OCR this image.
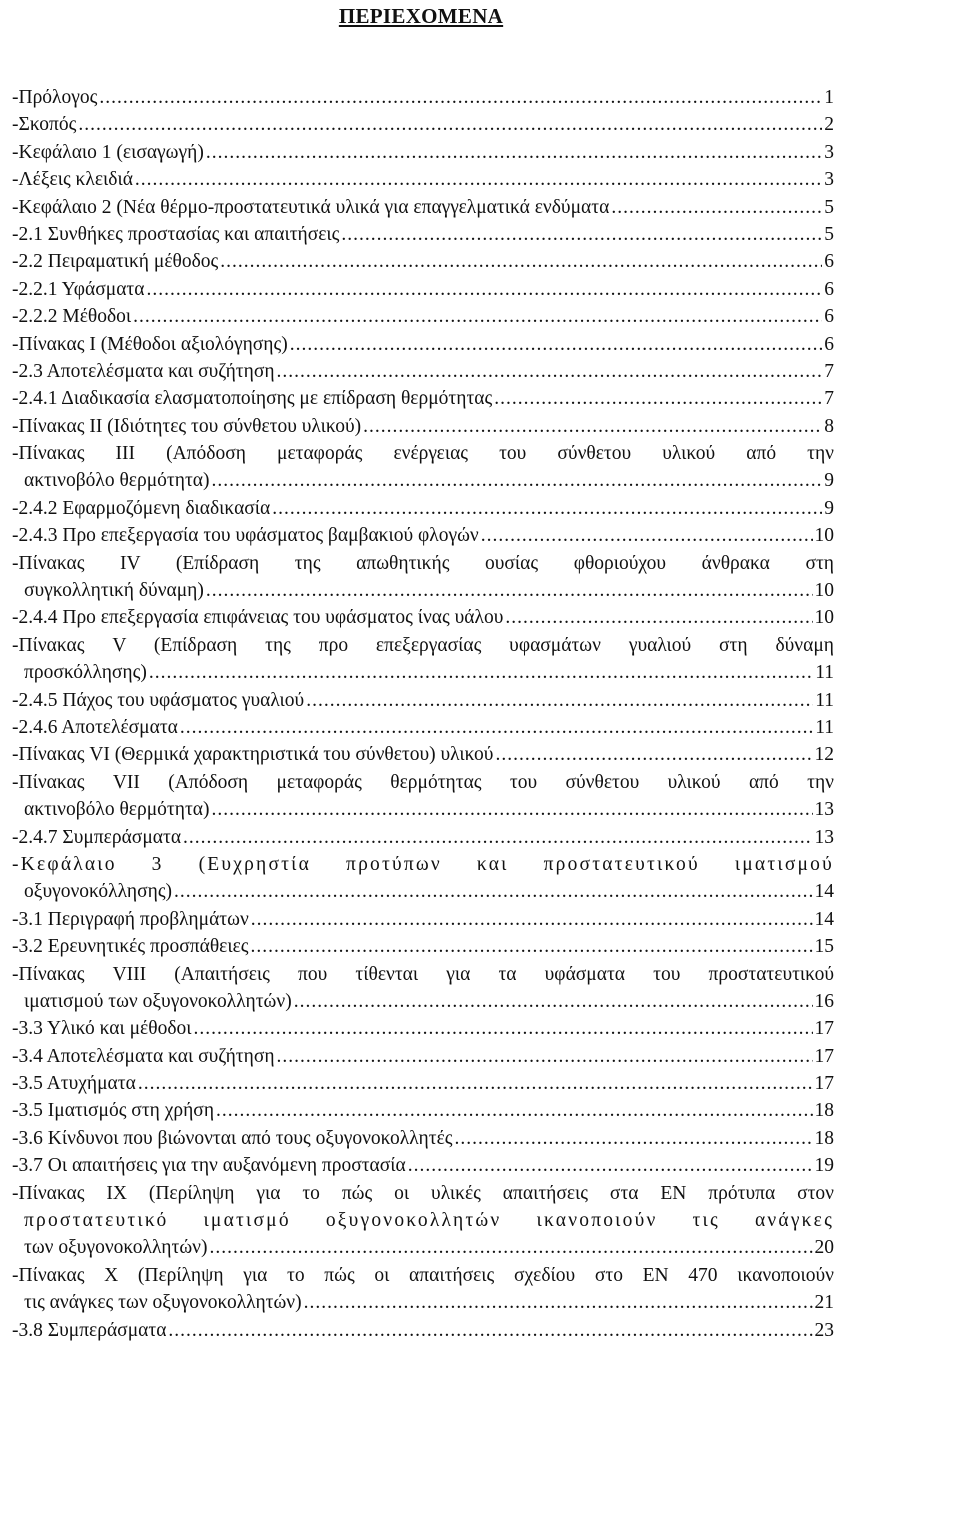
ΠΕΡΙΕΧΟΜΕΝΑ
-Πρόλογος .....	1
-Σκοπός .....	2
-Κεφάλαιο 1 (εισαγωγή) .....	3
-Λέξεις κλειδιά .....	3
-Κεφάλαιο 2 (Νέα θέρμο-προστατευτικά υλικά για επαγγελματικά ενδύματα .....	5
-2.1 Συνθήκες προστασίας και απαιτήσεις .....	5
-2.2 Πειραματική μέθοδος .....	6
-2.2.1 Υφάσματα .....	6
-2.2.2 Μέθοδοι .....	6
-Πίνακας Ι (Μέθοδοι αξιολόγησης) .....	6
-2.3 Αποτελέσματα και συζήτηση .....	7
-2.4.1 Διαδικασία ελασματοποίησης με επίδραση θερμότητας .....	7
-Πίνακας ΙΙ (Ιδιότητες του σύνθετου υλικού) .....	8
-Πίνακας ΙΙΙ (Απόδοση μεταφοράς ενέργειας του σύνθετου υλικού από την
ακτινοβόλο θερμότητα) .....	9
-2.4.2 Εφαρμοζόμενη διαδικασία .....	9
-2.4.3 Προ επεξεργασία του υφάσματος βαμβακιού φλογών .....	10
-Πίνακας IV (Επίδραση της απωθητικής ουσίας φθοριούχου άνθρακα στη
συγκολλητική δύναμη) .....	10
-2.4.4 Προ επεξεργασία επιφάνειας του υφάσματος ίνας υάλου .....	10
-Πίνακας V (Επίδραση της προ επεξεργασίας υφασμάτων γυαλιού στη δύναμη
προσκόλλησης) .....	11
-2.4.5 Πάχος του υφάσματος γυαλιού .....	11
-2.4.6 Αποτελέσματα .....	11
-Πίνακας VI (Θερμικά χαρακτηριστικά του σύνθετου) υλικού .....	12
-Πίνακας VII (Απόδοση μεταφοράς θερμότητας του σύνθετου υλικού από την
ακτινοβόλο θερμότητα) .....	13
-2.4.7 Συμπεράσματα .....	13
-Κεφάλαιο 3 (Ευχρηστία προτύπων και προστατευτικού ιματισμού
οξυγονοκόλλησης) .....	14
-3.1 Περιγραφή προβλημάτων .....	14
-3.2 Ερευνητικές προσπάθειες .....	15
-Πίνακας VIII (Απαιτήσεις που τίθενται για τα υφάσματα του προστατευτικού
ιματισμού των οξυγονοκολλητών) .....	16
-3.3 Υλικό και μέθοδοι .....	17
-3.4 Αποτελέσματα και συζήτηση .....	17
-3.5 Ατυχήματα .....	17
-3.5 Ιματισμός στη χρήση .....	18
-3.6 Κίνδυνοι που βιώνονται από τους οξυγονοκολλητές .....	18
-3.7 Οι απαιτήσεις για την αυξανόμενη προστασία .....	19
-Πίνακας IX (Περίληψη για το πώς οι υλικές απαιτήσεις στα EN πρότυπα στον
προστατευτικό ιματισμό οξυγονοκολλητών ικανοποιούν τις ανάγκες
των οξυγονοκολλητών) .....	20
-Πίνακας Χ (Περίληψη για το πώς οι απαιτήσεις σχεδίου στο EN 470 ικανοποιούν
τις ανάγκες των οξυγονοκολλητών) .....	21
-3.8 Συμπεράσματα .....	23
